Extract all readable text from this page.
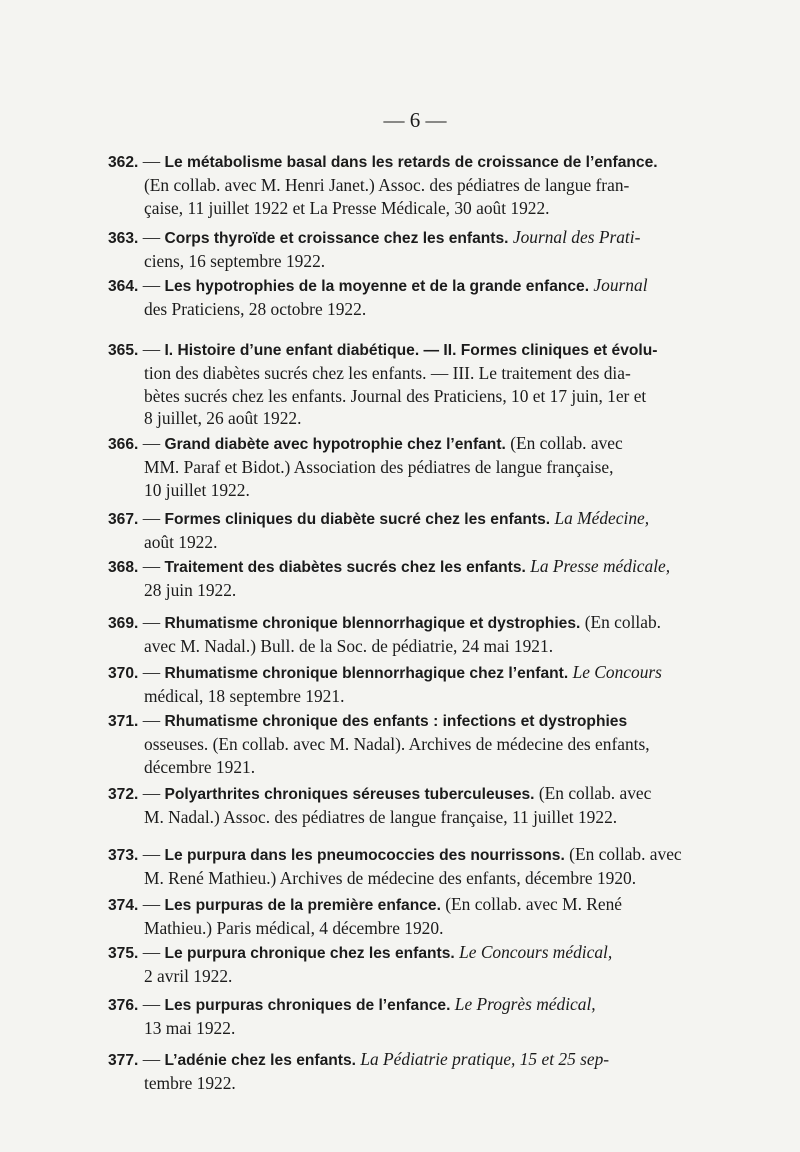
— 6 —
362. — Le métabolisme basal dans les retards de croissance de l’enfance.
(En collab. avec M. Henri Janet.) Assoc. des pédiatres de langue fran-
çaise, 11 juillet 1922 et La Presse Médicale, 30 août 1922.
363. — Corps thyroïde et croissance chez les enfants. Journal des Prati-
ciens, 16 septembre 1922.
364. — Les hypotrophies de la moyenne et de la grande enfance. Journal
des Praticiens, 28 octobre 1922.
365. — I. Histoire d’une enfant diabétique. — II. Formes cliniques et évolu-
tion des diabètes sucrés chez les enfants. — III. Le traitement des dia-
bètes sucrés chez les enfants. Journal des Praticiens, 10 et 17 juin, 1er et
8 juillet, 26 août 1922.
366. — Grand diabète avec hypotrophie chez l’enfant. (En collab. avec
MM. Paraf et Bidot.) Association des pédiatres de langue française,
10 juillet 1922.
367. — Formes cliniques du diabète sucré chez les enfants. La Médecine,
août 1922.
368. — Traitement des diabètes sucrés chez les enfants. La Presse médicale,
28 juin 1922.
369. — Rhumatisme chronique blennorrhagique et dystrophies. (En collab.
avec M. Nadal.) Bull. de la Soc. de pédiatrie, 24 mai 1921.
370. — Rhumatisme chronique blennorrhagique chez l’enfant. Le Concours
médical, 18 septembre 1921.
371. — Rhumatisme chronique des enfants : infections et dystrophies
osseuses. (En collab. avec M. Nadal). Archives de médecine des enfants,
décembre 1921.
372. — Polyarthrites chroniques séreuses tuberculeuses. (En collab. avec
M. Nadal.) Assoc. des pédiatres de langue française, 11 juillet 1922.
373. — Le purpura dans les pneumococcies des nourrissons. (En collab. avec
M. René Mathieu.) Archives de médecine des enfants, décembre 1920.
374. — Les purpuras de la première enfance. (En collab. avec M. René
Mathieu.) Paris médical, 4 décembre 1920.
375. — Le purpura chronique chez les enfants. Le Concours médical,
2 avril 1922.
376. — Les purpuras chroniques de l’enfance. Le Progrès médical,
13 mai 1922.
377. — L’adénie chez les enfants. La Pédiatrie pratique, 15 et 25 sep-
tembre 1922.
